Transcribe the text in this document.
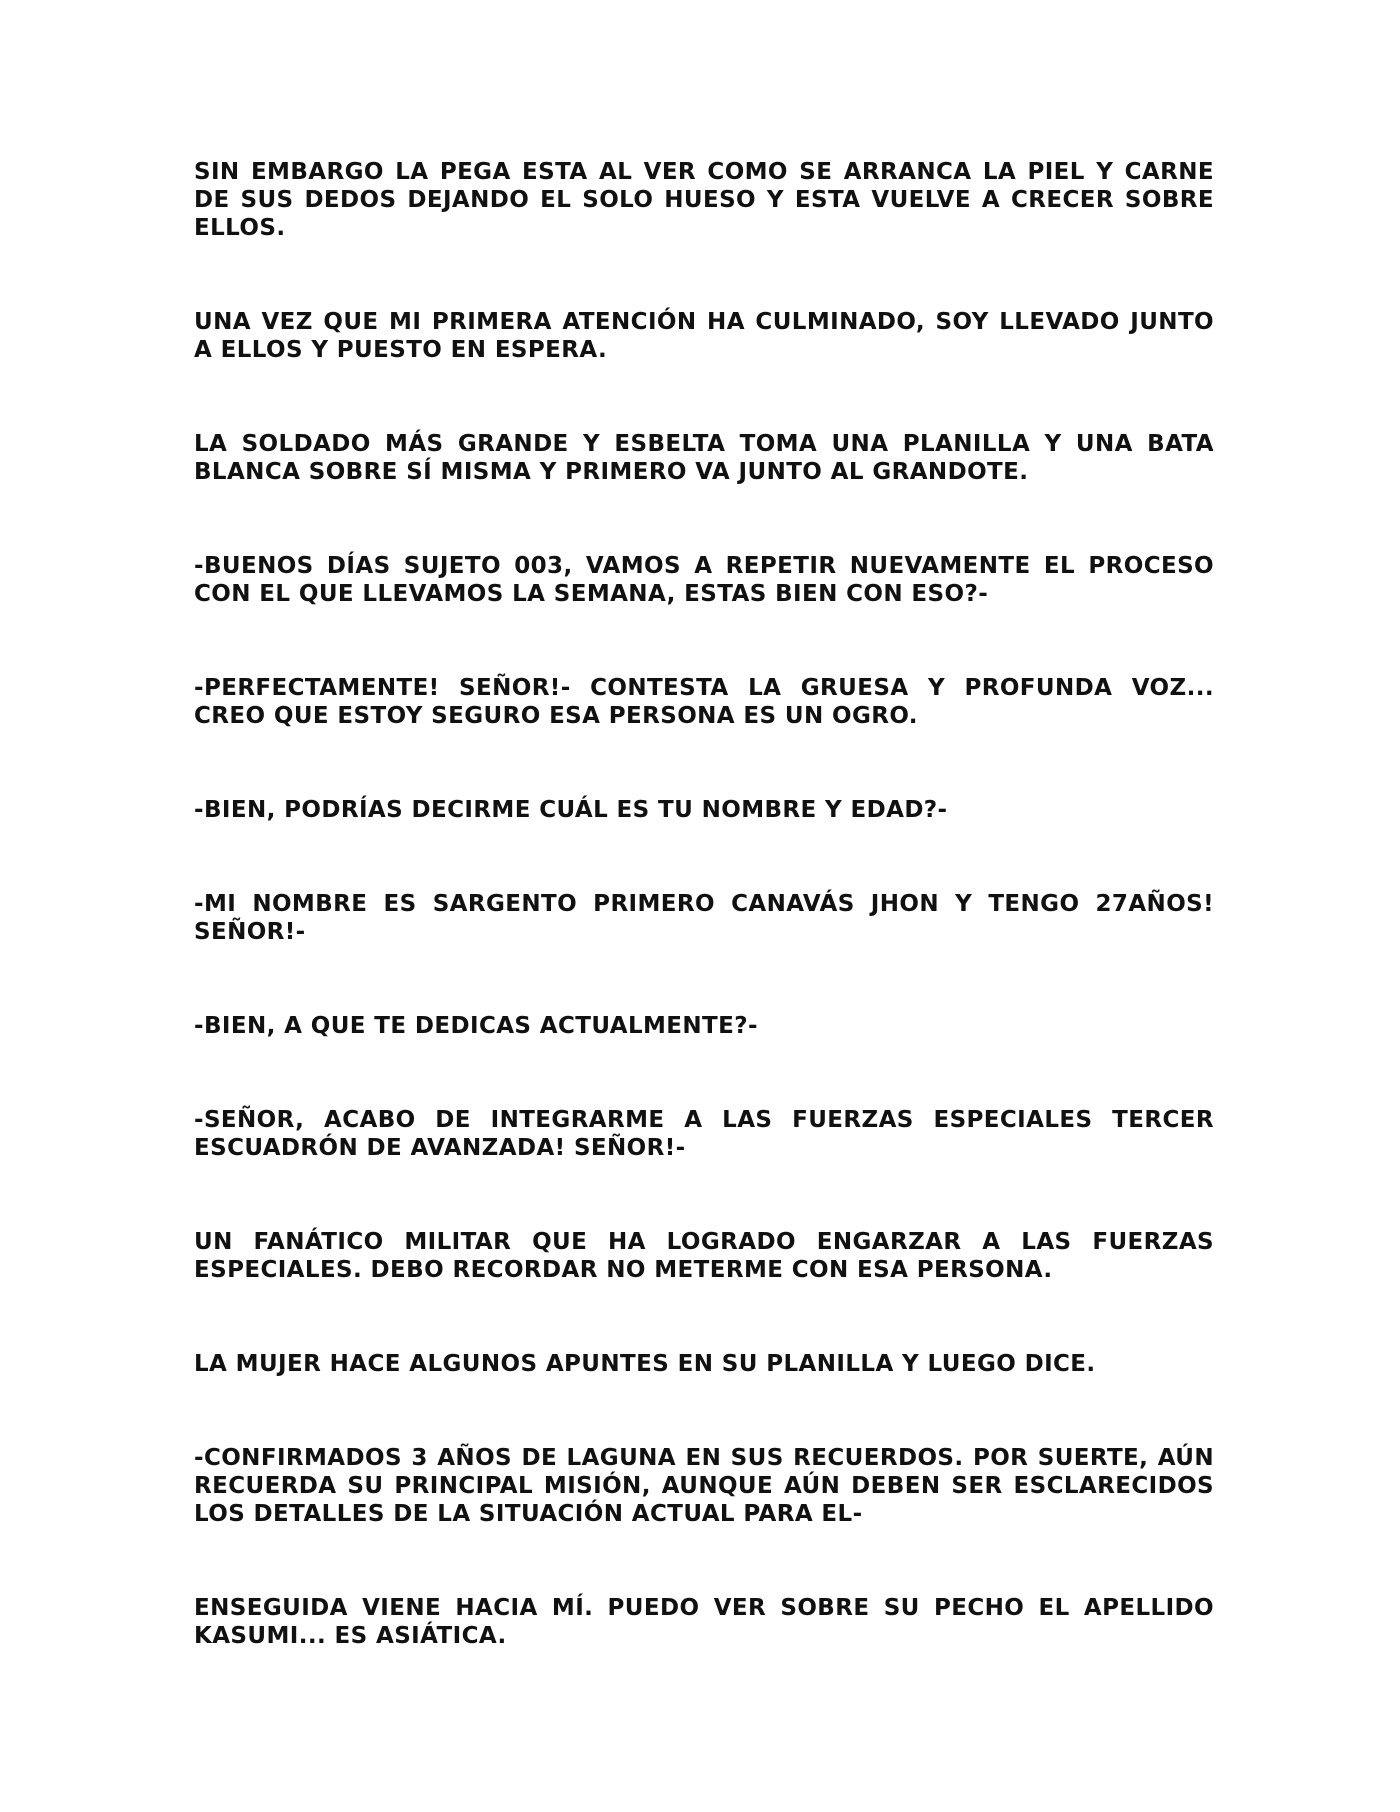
SIN EMBARGO LA PEGA ESTA AL VER COMO SE ARRANCA LA PIEL Y CARNE DE SUS DEDOS DEJANDO EL SOLO HUESO Y ESTA VUELVE A CRECER SOBRE ELLOS.

UNA VEZ QUE MI PRIMERA ATENCIÓN HA CULMINADO, SOY LLEVADO JUNTO A ELLOS Y PUESTO EN ESPERA.

LA SOLDADO MÁS GRANDE Y ESBELTA TOMA UNA PLANILLA Y UNA BATA BLANCA SOBRE SÍ MISMA Y PRIMERO VA JUNTO AL GRANDOTE.

-BUENOS DÍAS SUJETO 003, VAMOS A REPETIR NUEVAMENTE EL PROCESO CON EL QUE LLEVAMOS LA SEMANA, ESTAS BIEN CON ESO?-

-PERFECTAMENTE! SEÑOR!- CONTESTA LA GRUESA Y PROFUNDA VOZ... CREO QUE ESTOY SEGURO ESA PERSONA ES UN OGRO.

-BIEN, PODRÍAS DECIRME CUÁL ES TU NOMBRE Y EDAD?-

-MI NOMBRE ES SARGENTO PRIMERO CANAVÁS JHON Y TENGO 27AÑOS! SEÑOR!-

-BIEN, A QUE TE DEDICAS ACTUALMENTE?-

-SEÑOR, ACABO DE INTEGRARME A LAS FUERZAS ESPECIALES TERCER ESCUADRÓN DE AVANZADA! SEÑOR!-

UN FANÁTICO MILITAR QUE HA LOGRADO ENGARZAR A LAS FUERZAS ESPECIALES. DEBO RECORDAR NO METERME CON ESA PERSONA.

LA MUJER HACE ALGUNOS APUNTES EN SU PLANILLA Y LUEGO DICE.

-CONFIRMADOS 3 AÑOS DE LAGUNA EN SUS RECUERDOS. POR SUERTE, AÚN RECUERDA SU PRINCIPAL MISIÓN, AUNQUE AÚN DEBEN SER ESCLARECIDOS LOS DETALLES DE LA SITUACIÓN ACTUAL PARA EL-

ENSEGUIDA VIENE HACIA MÍ. PUEDO VER SOBRE SU PECHO EL APELLIDO KASUMI... ES ASIÁTICA.
